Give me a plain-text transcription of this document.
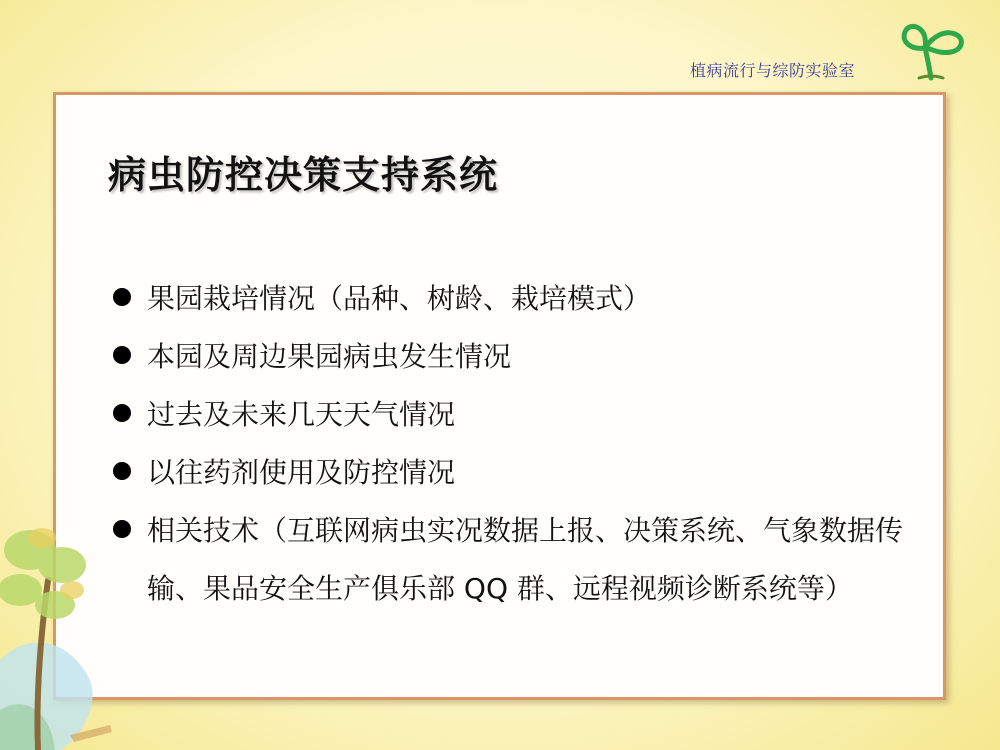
植病流行与综防实验室
病虫防控决策支持系统
果园栽培情况（品种、树龄、栽培模式）
本园及周边果园病虫发生情况
过去及未来几天天气情况
以往药剂使用及防控情况
相关技术（互联网病虫实况数据上报、决策系统、气象数据传输、果品安全生产俱乐部 QQ 群、远程视频诊断系统等）
